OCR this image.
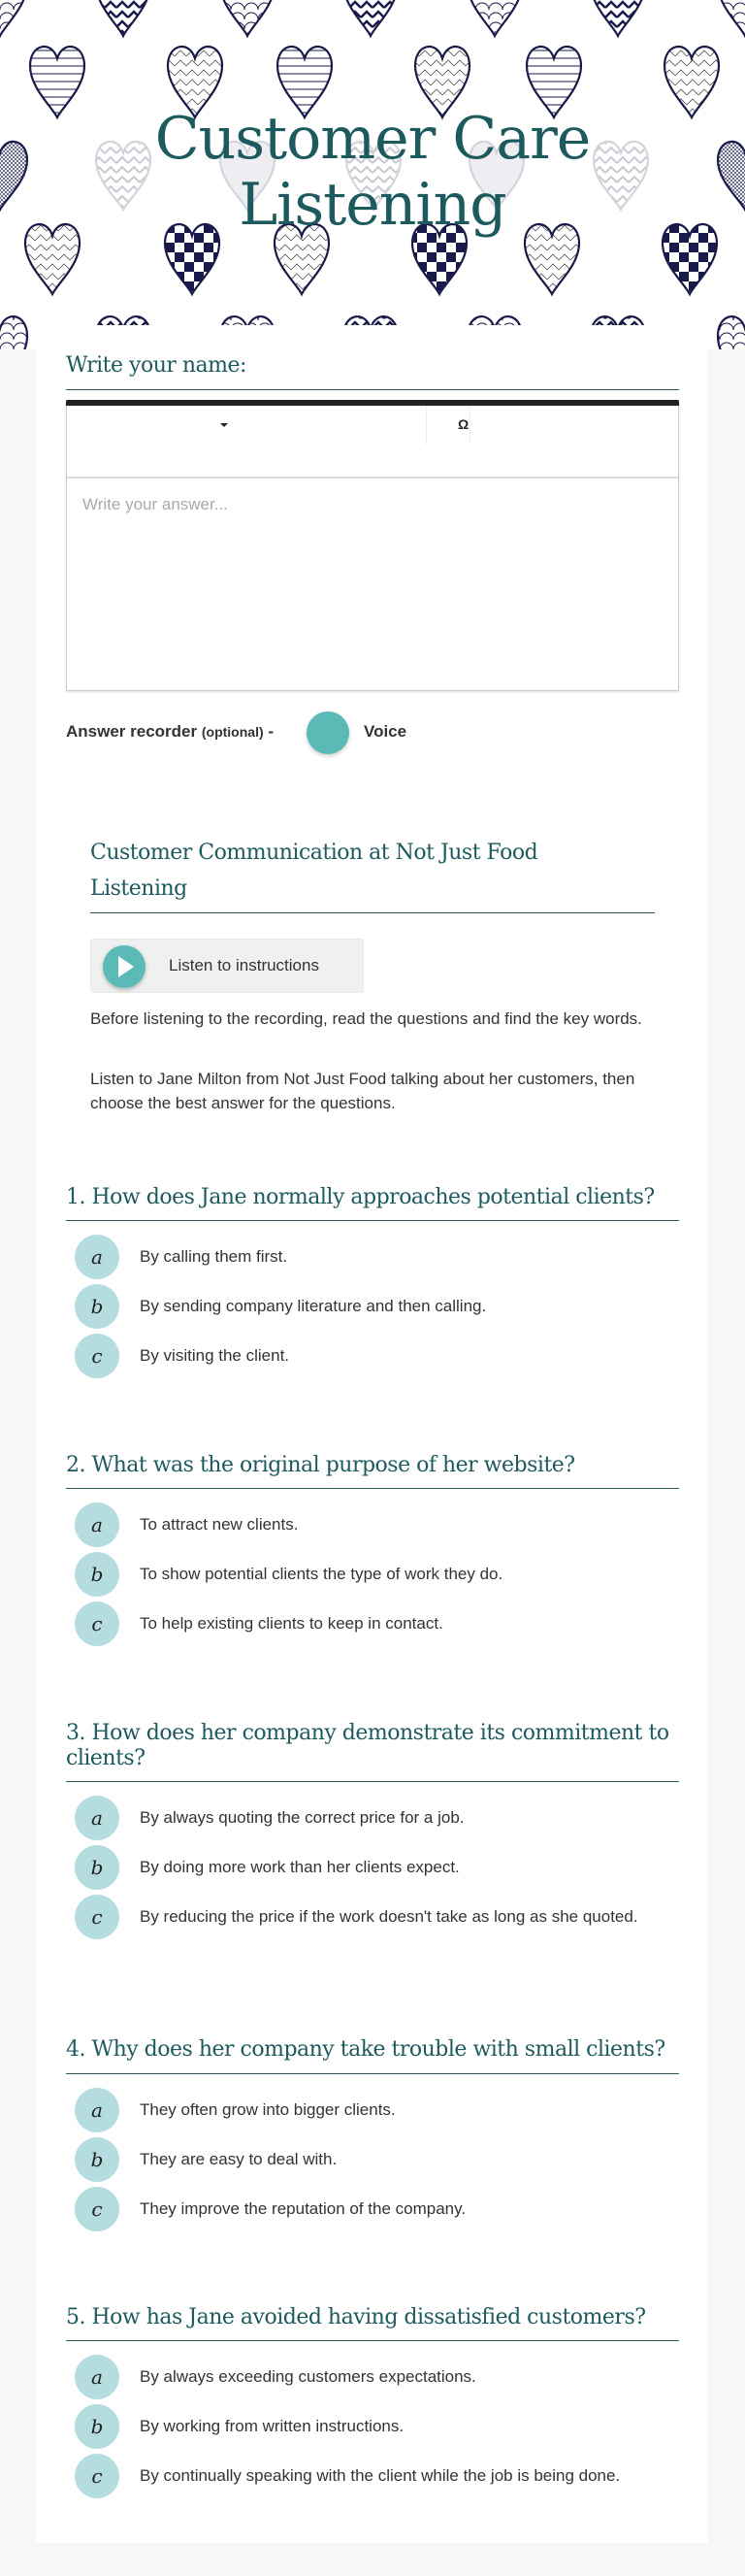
Customer Care
Listening
Write your name:
Ω
Write your answer...
Answer recorder (optional) -	Voice
Customer Communication at Not Just Food
Listening
Listen to instructions
Before listening to the recording, read the questions and find the key words.
Listen to Jane Milton from Not Just Food talking about her customers, then choose the best answer for the questions.
1. How does Jane normally approaches potential clients?
a	By calling them first.
b	By sending company literature and then calling.
c	By visiting the client.
2. What was the original purpose of her website?
a	To attract new clients.
b	To show potential clients the type of work they do.
c	To help existing clients to keep in contact.
3. How does her company demonstrate its commitment to clients?
a	By always quoting the correct price for a job.
b	By doing more work than her clients expect.
c	By reducing the price if the work doesn't take as long as she quoted.
4. Why does her company take trouble with small clients?
a	They often grow into bigger clients.
b	They are easy to deal with.
c	They improve the reputation of the company.
5. How has Jane avoided having dissatisfied customers?
a	By always exceeding customers expectations.
b	By working from written instructions.
c	By continually speaking with the client while the job is being done.
